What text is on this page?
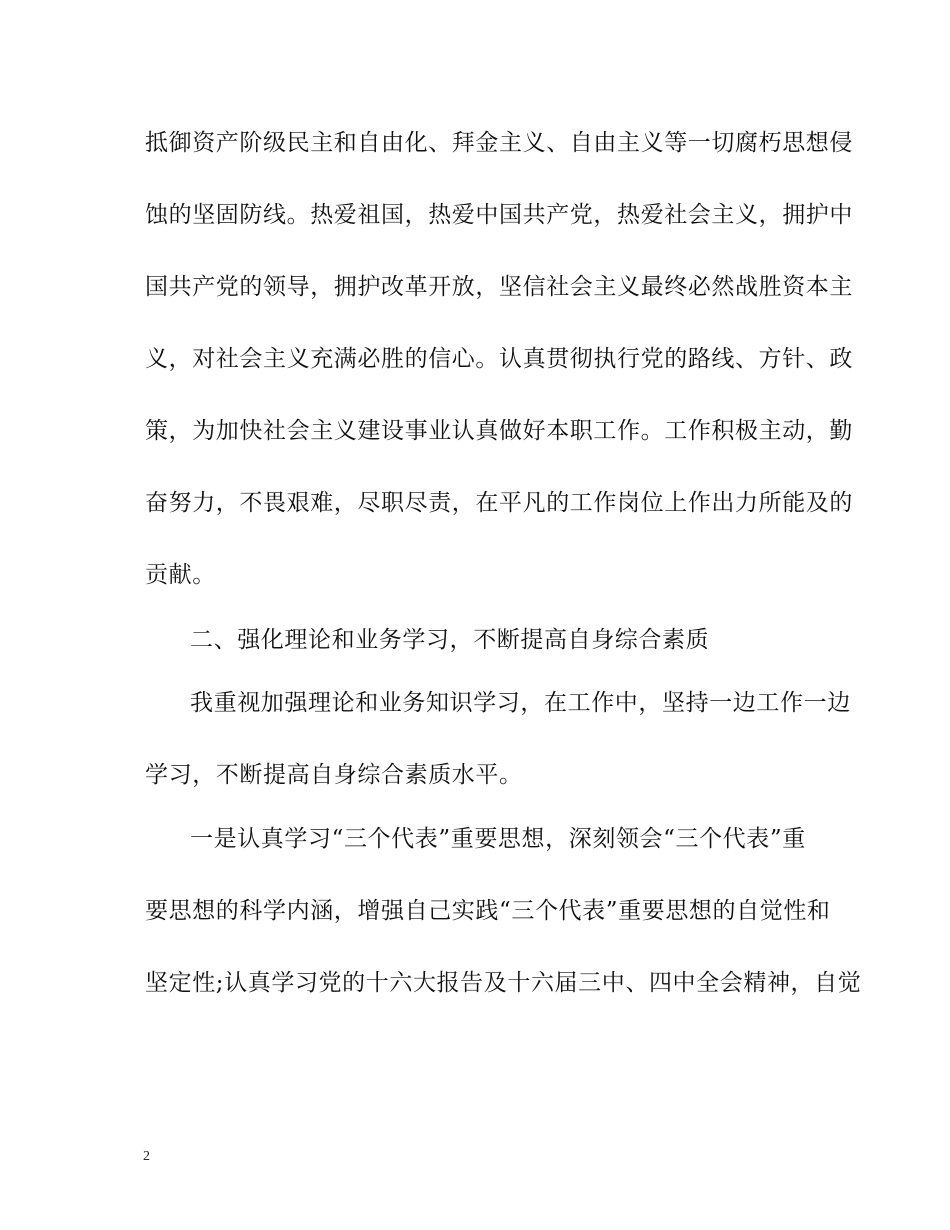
抵御资产阶级民主和自由化、拜金主义、自由主义等一切腐朽思想侵
蚀的坚固防线。热爱祖国，热爱中国共产党，热爱社会主义，拥护中
国共产党的领导，拥护改革开放，坚信社会主义最终必然战胜资本主
义，对社会主义充满必胜的信心。认真贯彻执行党的路线、方针、政
策，为加快社会主义建设事业认真做好本职工作。工作积极主动，勤
奋努力，不畏艰难，尽职尽责，在平凡的工作岗位上作出力所能及的
贡献。
二、强化理论和业务学习，不断提高自身综合素质
我重视加强理论和业务知识学习，在工作中，坚持一边工作一边
学习，不断提高自身综合素质水平。
一是认真学习“三个代表”重要思想，深刻领会“三个代表”重
要思想的科学内涵，增强自己实践“三个代表”重要思想的自觉性和
坚定性;认真学习党的十六大报告及十六届三中、四中全会精神，自觉
2
